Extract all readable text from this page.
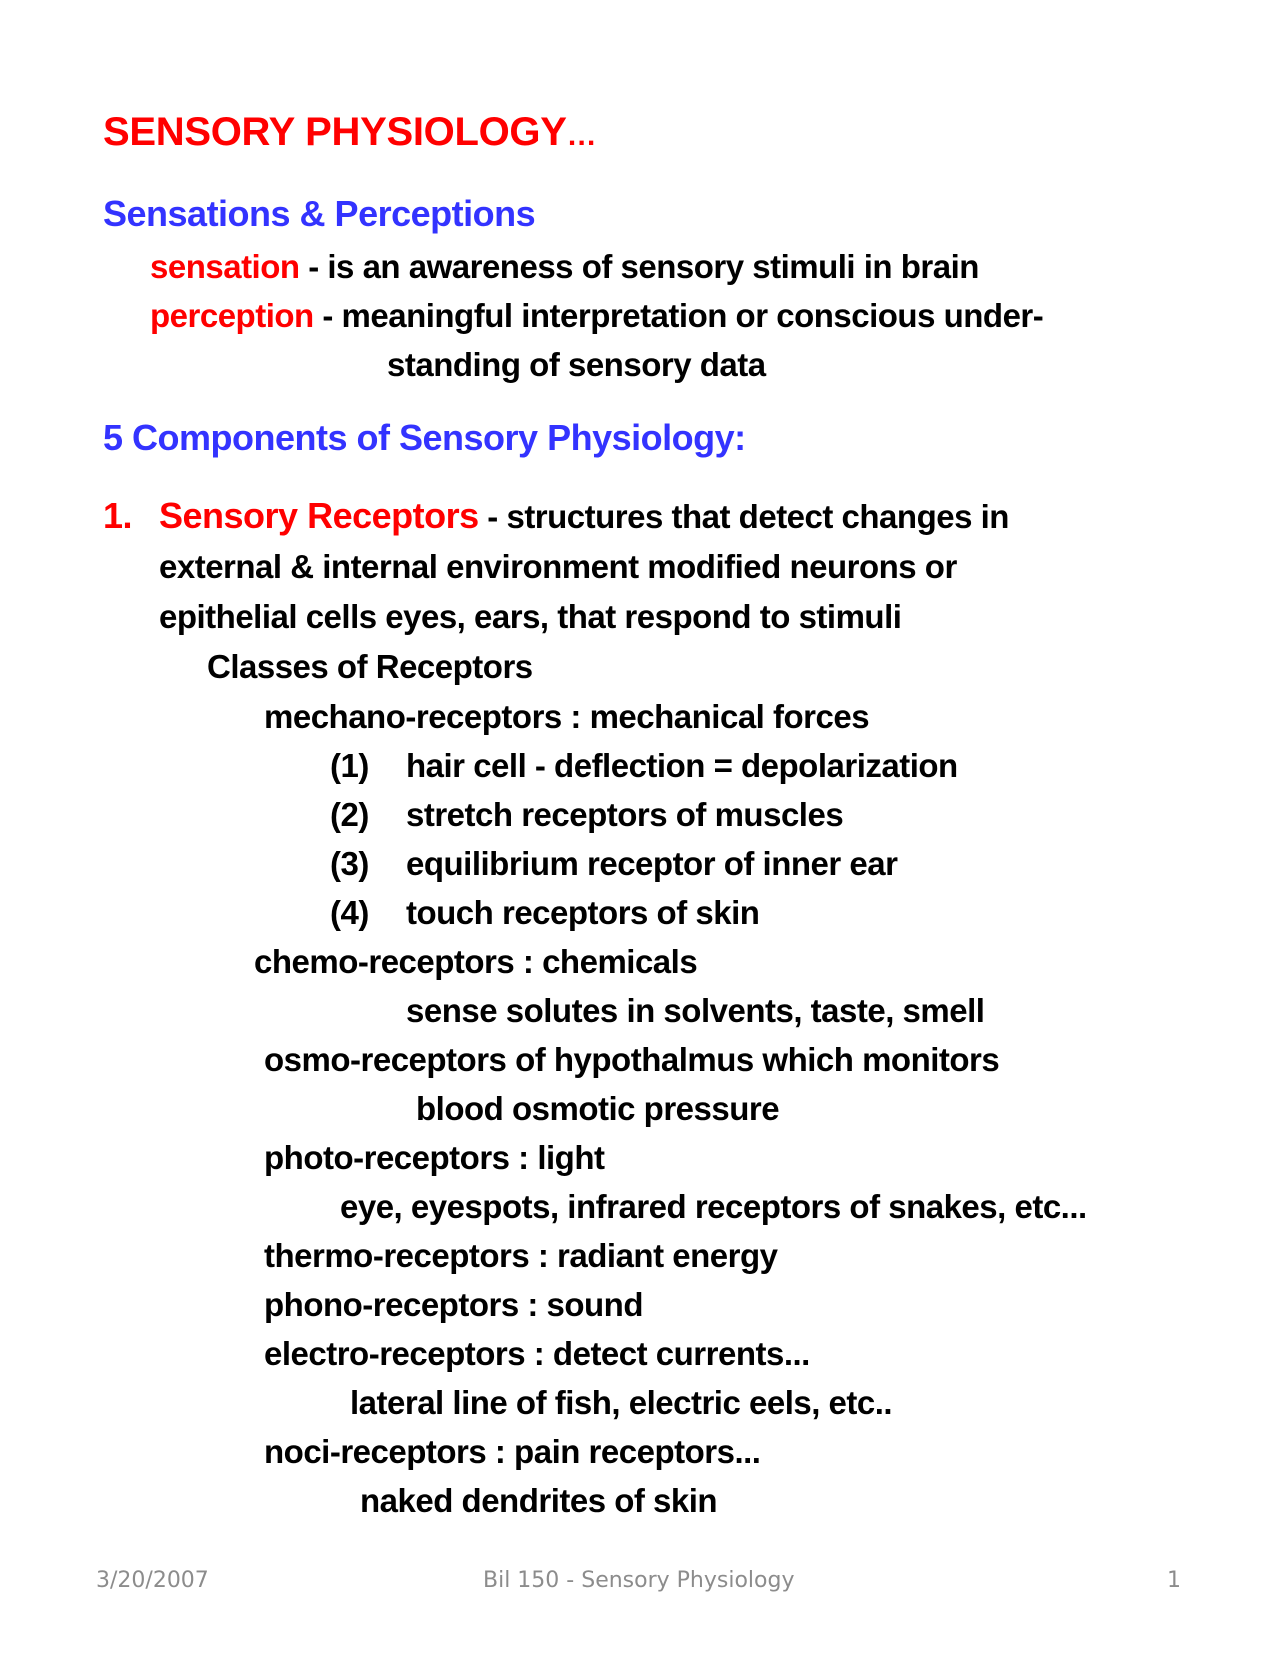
SENSORY PHYSIOLOGY…
Sensations & Perceptions
sensation - is an awareness of sensory stimuli in brain
perception - meaningful interpretation or conscious under-
standing of sensory data
5 Components of Sensory Physiology:
1. Sensory Receptors - structures that detect changes in
external & internal environment modified neurons or
epithelial cells eyes, ears, that respond to stimuli
Classes of Receptors
mechano-receptors : mechanical forces
(1) hair cell - deflection = depolarization
(2) stretch receptors of muscles
(3) equilibrium receptor of inner ear
(4) touch receptors of skin
chemo-receptors : chemicals
sense solutes in solvents, taste, smell
osmo-receptors of hypothalmus which monitors
blood osmotic pressure
photo-receptors : light
eye, eyespots, infrared receptors of snakes, etc...
thermo-receptors : radiant energy
phono-receptors : sound
electro-receptors : detect currents...
lateral line of fish, electric eels, etc..
noci-receptors : pain receptors...
naked dendrites of skin
3/20/2007	Bil 150 - Sensory Physiology	1
